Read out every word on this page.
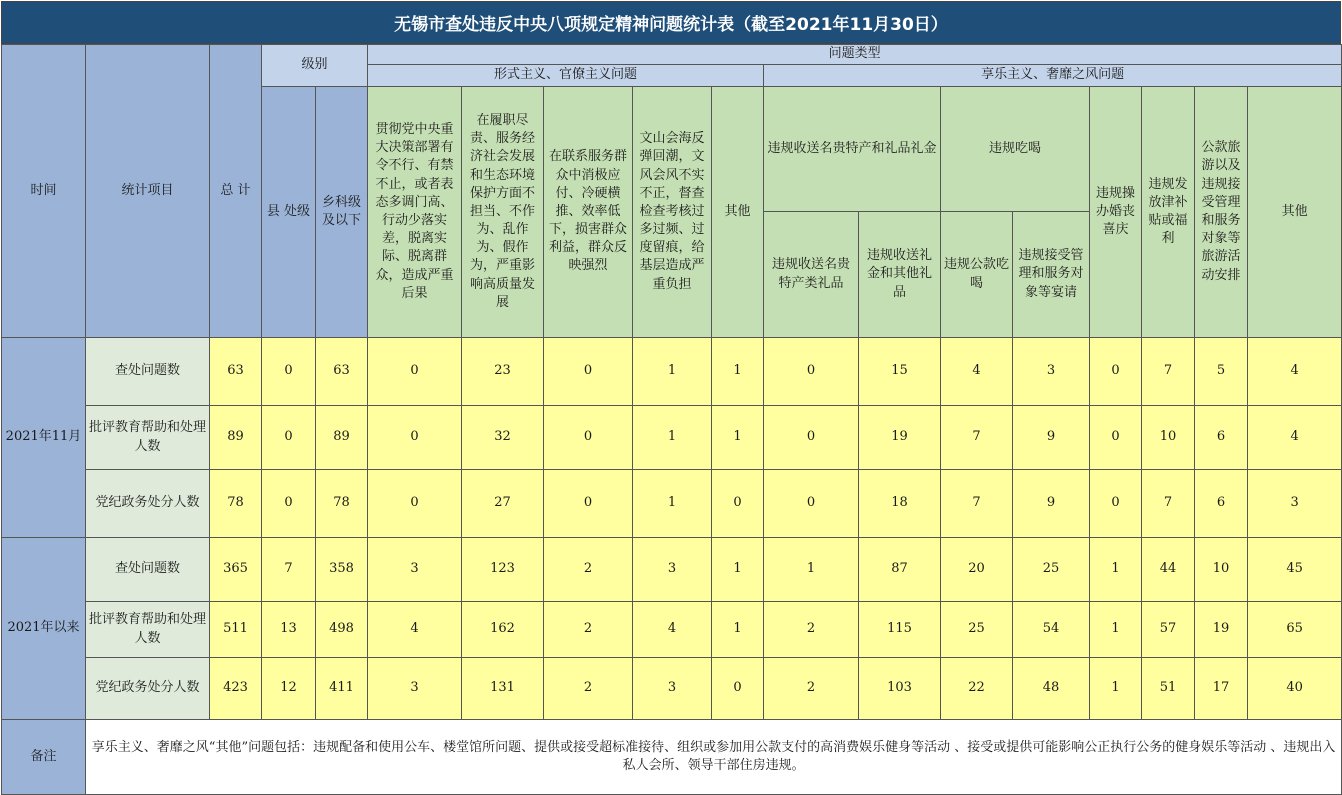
无锡市查处违反中央八项规定精神问题统计表（截至2021年11月30日）
时间	统计项目	总 计	级别		问题类型												
					形式主义、官僚主义问题					享乐主义、奢靡之风问题							
			县 处级	乡科级及以下	贯彻党中央重大决策部署有令不行、有禁不止，或者表态多调门高、行动少落实差，脱离实际、脱离群众，造成严重后果	在履职尽责、服务经济社会发展和生态环境保护方面不担当、不作为、乱作为、假作为，严重影响高质量发展	在联系服务群众中消极应付、冷硬横推、效率低下，损害群众利益，群众反映强烈	文山会海反弹回潮，文风会风不实不正，督查检查考核过多过频、过度留痕，给基层造成严重负担	其他	违规收送名贵特产和礼品礼金		违规吃喝		违规操办婚丧喜庆	违规发放津补贴或福利	公款旅游以及违规接受管理和服务对象等旅游活动安排	其他
										违规收送名贵特产类礼品	违规收送礼金和其他礼品	违规公款吃喝	违规接受管理和服务对象等宴请				

2021年11月	查处问题数	63	0	63	0	23	0	1	1	0	15	4	3	0	7	5	4
	批评教育帮助和处理人数	89	0	89	0	32	0	1	1	0	19	7	9	0	10	6	4
	党纪政务处分人数	78	0	78	0	27	0	1	0	0	18	7	9	0	7	6	3
2021年以来	查处问题数	365	7	358	3	123	2	3	1	1	87	20	25	1	44	10	45
	批评教育帮助和处理人数	511	13	498	4	162	2	4	1	2	115	25	54	1	57	19	65
	党纪政务处分人数	423	12	411	3	131	2	3	0	2	103	22	48	1	51	17	40
备注	享乐主义、奢靡之风“其他”问题包括：违规配备和使用公车、楼堂馆所问题、提供或接受超标准接待、组织或参加用公款支付的高消费娱乐健身等活动 、接受或提供可能影响公正执行公务的健身娱乐等活动 、违规出入私人会所、领导干部住房违规。																
